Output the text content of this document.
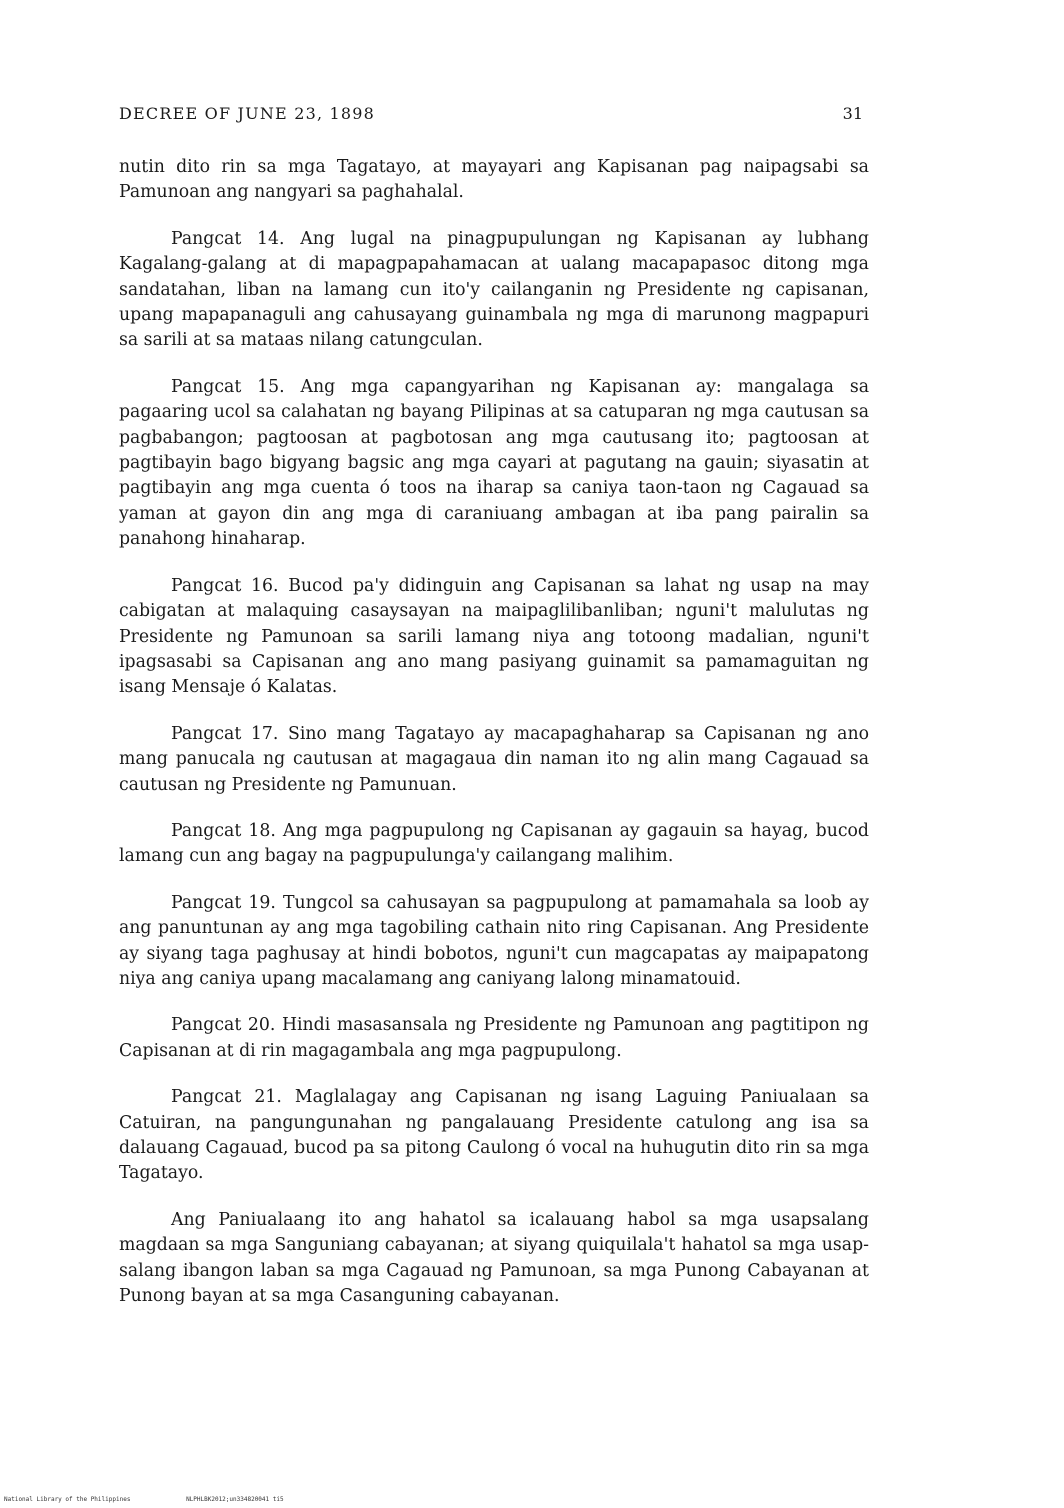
DECREE OF JUNE 23, 1898	31

nutin dito rin sa mga Tagatayo, at mayayari ang Kapisanan pag naipagsabi sa Pamunoan ang nangyari sa paghahalal.

Pangcat 14. Ang lugal na pinagpupulungan ng Kapisanan ay lubhang Kagalang-galang at di mapagpapahamacan at ualang macapapasoc ditong mga sandatahan, liban na lamang cun ito'y cailanganin ng Presidente ng capisanan, upang mapapanaguli ang cahusayang guinambala ng mga di marunong magpapuri sa sarili at sa mataas nilang catungculan.

Pangcat 15. Ang mga capangyarihan ng Kapisanan ay: mangalaga sa pagaaring ucol sa calahatan ng bayang Pilipinas at sa catuparan ng mga cautusan sa pagbabangon; pagtoosan at pagbotosan ang mga cautusang ito; pagtoosan at pagtibayin bago bigyang bagsic ang mga cayari at pagutang na gauin; siyasatin at pagtibayin ang mga cuenta ó toos na iharap sa caniya taon-taon ng Cagauad sa yaman at gayon din ang mga di caraniuang ambagan at iba pang pairalin sa panahong hinaharap.

Pangcat 16. Bucod pa'y didinguin ang Capisanan sa lahat ng usap na may cabigatan at malaquing casaysayan na maipaglilibanliban; nguni't malulutas ng Presidente ng Pamunoan sa sarili lamang niya ang totoong madalian, nguni't ipagsasabi sa Capisanan ang ano mang pasiyang guinamit sa pamamaguitan ng isang Mensaje ó Kalatas.

Pangcat 17. Sino mang Tagatayo ay macapaghaharap sa Capisanan ng ano mang panucala ng cautusan at magagaua din naman ito ng alin mang Cagauad sa cautusan ng Presidente ng Pamunuan.

Pangcat 18. Ang mga pagpupulong ng Capisanan ay gagauin sa hayag, bucod lamang cun ang bagay na pagpupulunga'y cailangang malihim.

Pangcat 19. Tungcol sa cahusayan sa pagpupulong at pamamahala sa loob ay ang panuntunan ay ang mga tagobiling cathain nito ring Capisanan. Ang Presidente ay siyang taga paghusay at hindi bobotos, nguni't cun magcapatas ay maipapatong niya ang caniya upang macalamang ang caniyang lalong minamatouid.

Pangcat 20. Hindi masasansala ng Presidente ng Pamunoan ang pagtitipon ng Capisanan at di rin magagambala ang mga pagpupulong.

Pangcat 21. Maglalagay ang Capisanan ng isang Laguing Paniualaan sa Catuiran, na pangungunahan ng pangalauang Presidente catulong ang isa sa dalauang Cagauad, bucod pa sa pitong Caulong ó vocal na huhugutin dito rin sa mga Tagatayo.

Ang Paniualaang ito ang hahatol sa icalauang habol sa mga usapsalang magdaan sa mga Sanguniang cabayanan; at siyang quiquilala't hahatol sa mga usap-salang ibangon laban sa mga Cagauad ng Pamunoan, sa mga Punong Cabayanan at Punong bayan at sa mga Casanguning cabayanan.

National Library of the Philippines	NLPHLBK2012;un334820041 ti5
